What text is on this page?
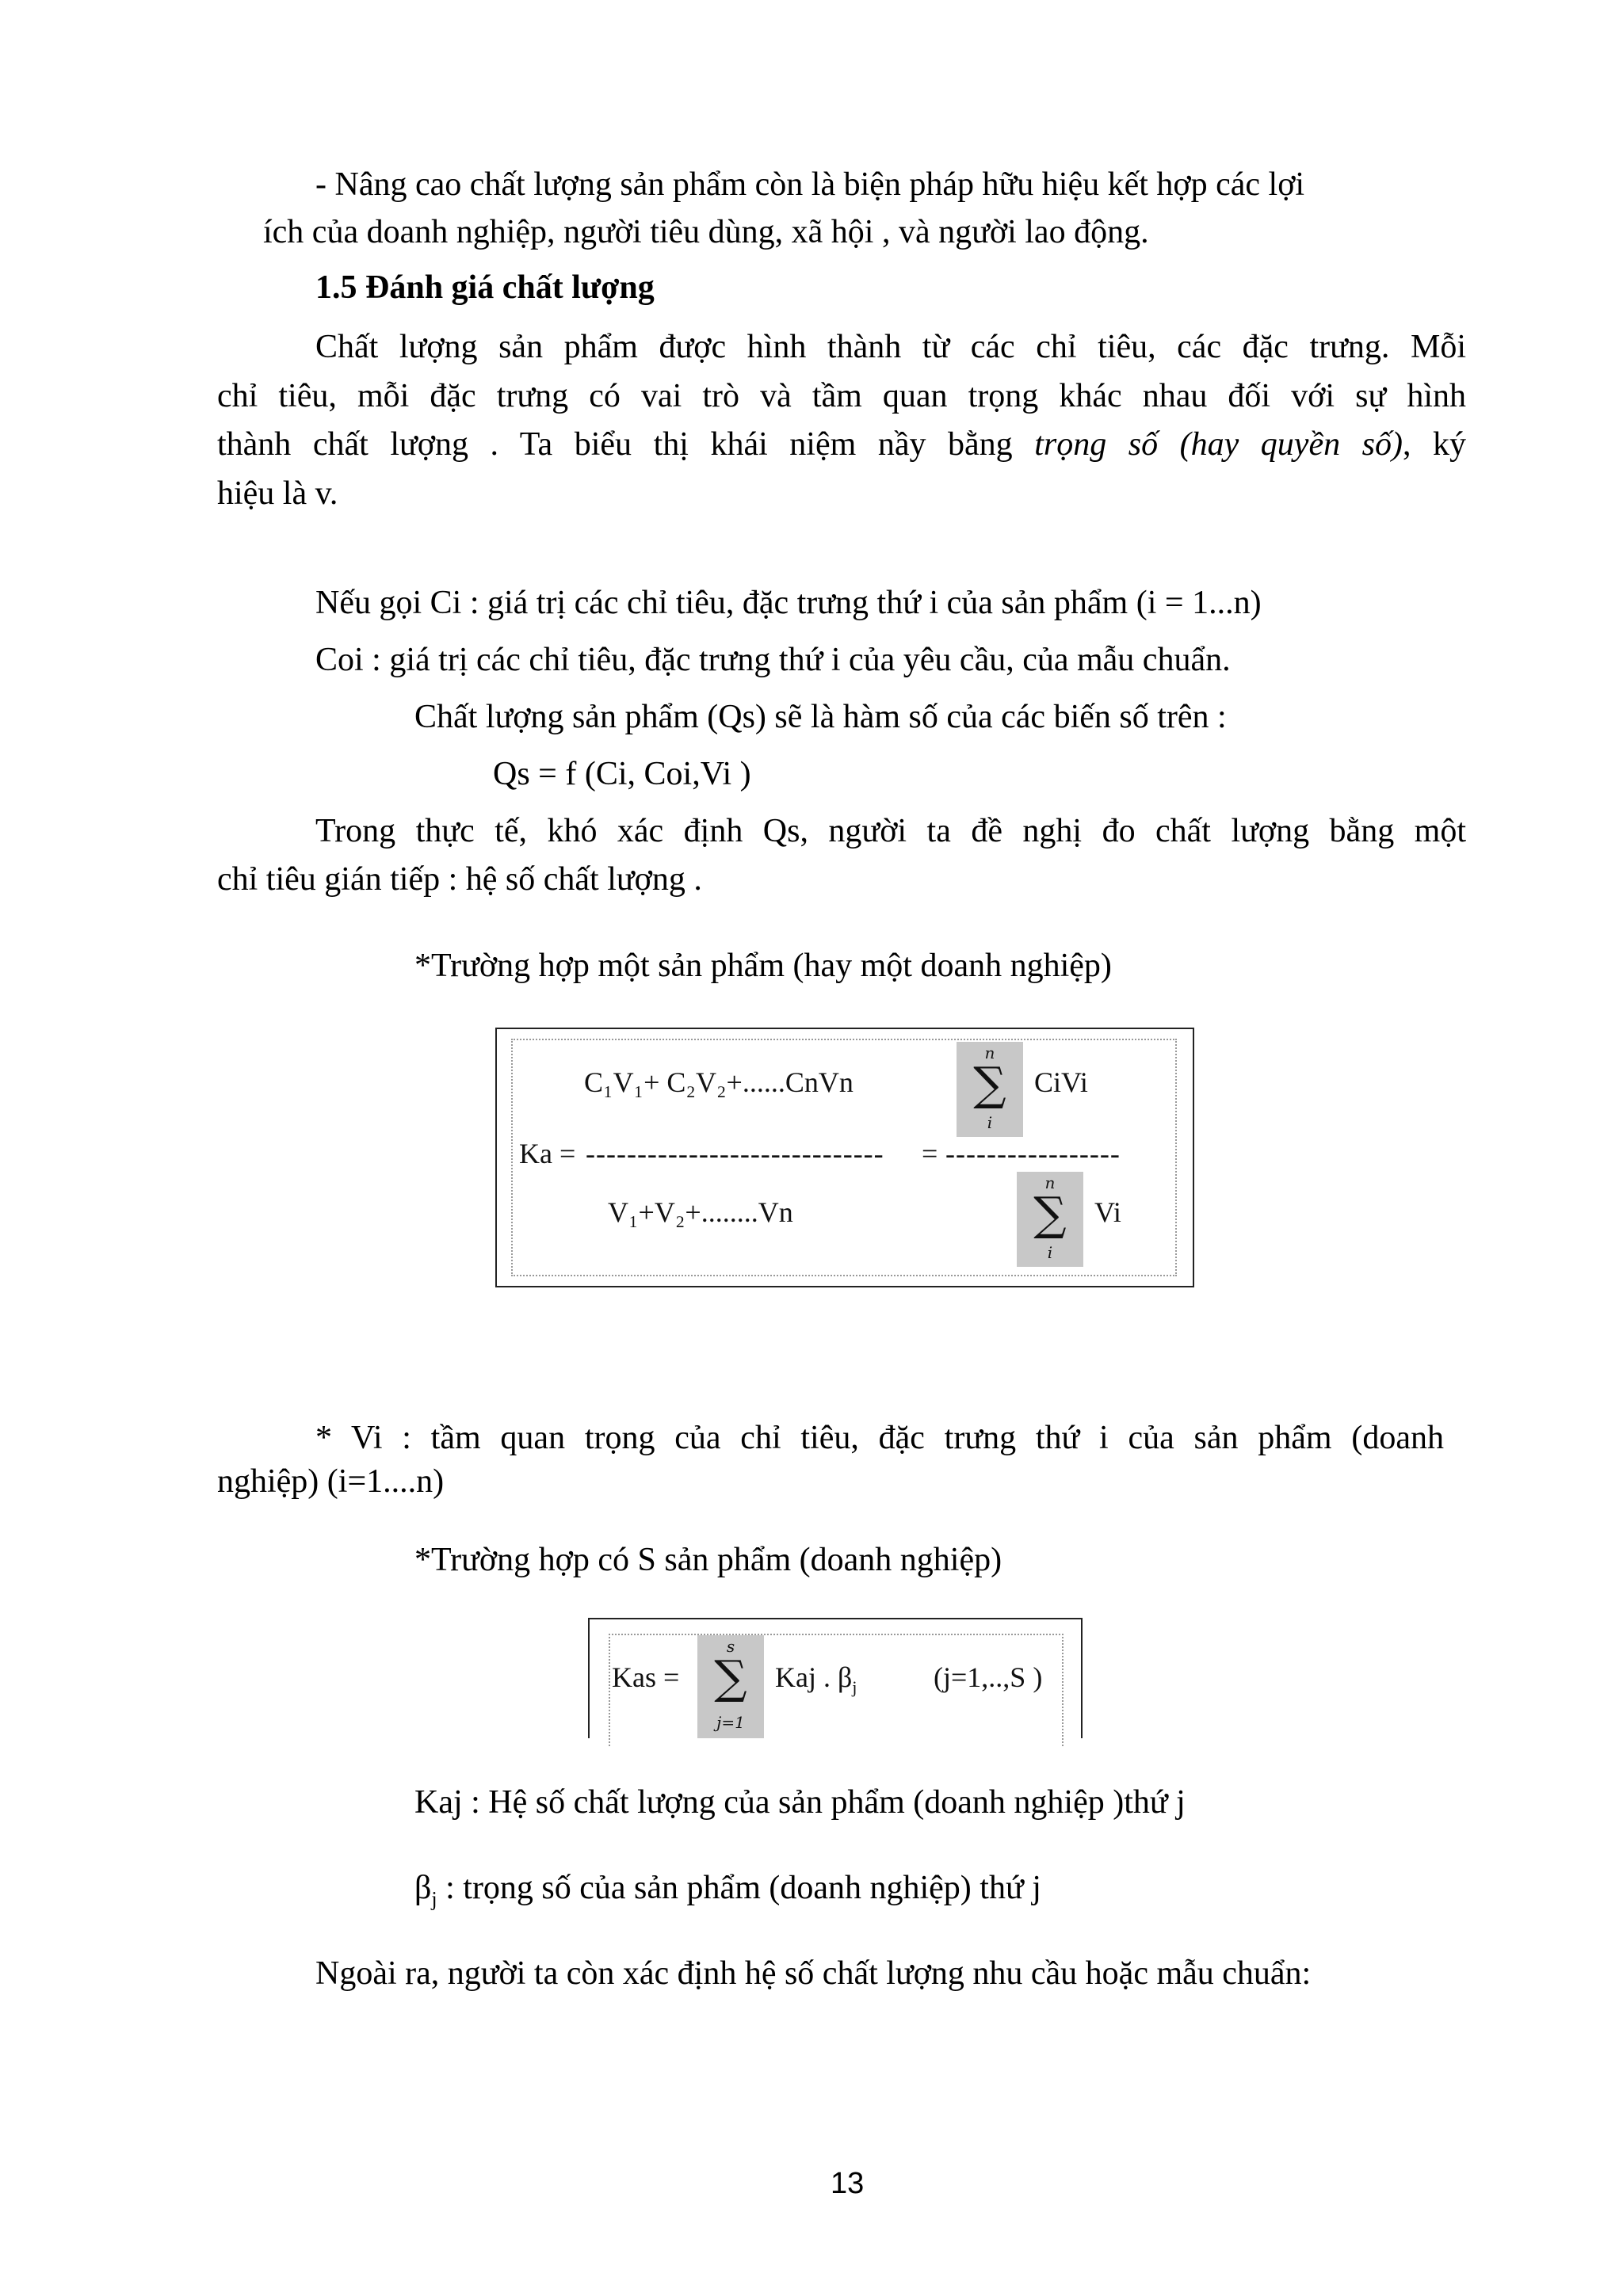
- Nâng cao chất lượng sản phẩm còn là biện pháp hữu hiệu kết hợp các lợi
ích của doanh nghiệp, người tiêu dùng, xã hội , và người lao động.
1.5 Đánh giá chất lượng
Chất lượng sản phẩm được hình thành từ các chỉ tiêu, các đặc trưng. Mỗi
chỉ tiêu, mỗi đặc trưng có vai trò và tầm quan trọng khác nhau đối với sự hình
thành chất lượng . Ta biểu thị khái niệm nầy bằng trọng số (hay quyền số), ký
hiệu là v.
Nếu gọi Ci : giá trị các chỉ tiêu, đặc trưng thứ i của sản phẩm (i = 1...n)
Coi : giá trị các chỉ tiêu, đặc trưng thứ i của yêu cầu, của mẫu chuẩn.
Chất lượng sản phẩm (Qs) sẽ là hàm số của các biến số trên :
Qs = f (Ci, Coi,Vi )
Trong thực tế, khó xác định Qs, người ta đề nghị đo chất lượng bằng một
chỉ tiêu gián tiếp : hệ số chất lượng .
*Trường hợp một sản phẩm (hay một doanh nghiệp)
C₁V₁+ C₂V₂+......CnVn
n
∑
i
CiVi
Ka = ----------------------------- = -----------------
V₁+V₂+........Vn
n
∑
i
Vi
* Vi : tầm quan trọng của chỉ tiêu, đặc trưng thứ i của sản phẩm (doanh
nghiệp) (i=1....n)
*Trường hợp có S sản phẩm (doanh nghiệp)
Kas =
s
∑
j=1
Kaj . $\beta_j$	(j=1,..,S )
Kaj : Hệ số chất lượng của sản phẩm (doanh nghiệp )thứ j
$\beta_j$ : trọng số của sản phẩm (doanh nghiệp) thứ j
Ngoài ra, người ta còn xác định hệ số chất lượng nhu cầu hoặc mẫu chuẩn:
13
